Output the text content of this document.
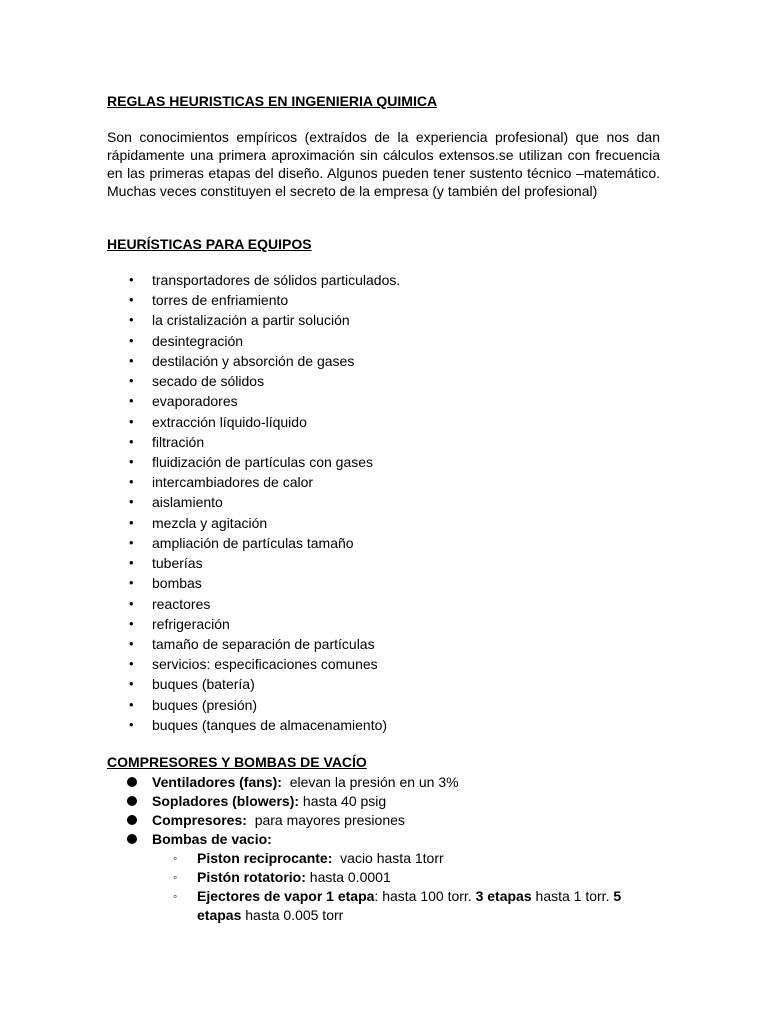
REGLAS HEURISTICAS EN INGENIERIA QUIMICA
Son conocimientos empíricos (extraídos de la experiencia profesional) que nos dan rápidamente una primera aproximación sin cálculos extensos.se utilizan con frecuencia en las primeras etapas del diseño. Algunos pueden tener sustento técnico –matemático. Muchas veces constituyen el secreto de la empresa (y también del profesional)
HEURÍSTICAS PARA EQUIPOS
• transportadores de sólidos particulados.
• torres de enfriamiento
• la cristalización a partir solución
• desintegración
• destilación y absorción de gases
• secado de sólidos
• evaporadores
• extracción líquido-líquido
• filtración
• fluidización de partículas con gases
• intercambiadores de calor
• aislamiento
• mezcla y agitación
• ampliación de partículas tamaño
• tuberías
• bombas
• reactores
• refrigeración
• tamaño de separación de partículas
• servicios: especificaciones comunes
• buques (batería)
• buques (presión)
• buques (tanques de almacenamiento)
COMPRESORES Y BOMBAS DE VACÍO
Ventiladores (fans):  elevan la presión en un 3%
Sopladores (blowers): hasta 40 psig
Compresores:  para mayores presiones
Bombas de vacio:
◦ Piston reciprocante:  vacio hasta 1torr
◦ Pistón rotatorio: hasta 0.0001
◦ Ejectores de vapor 1 etapa: hasta 100 torr. 3 etapas hasta 1 torr. 5 etapas hasta 0.005 torr
